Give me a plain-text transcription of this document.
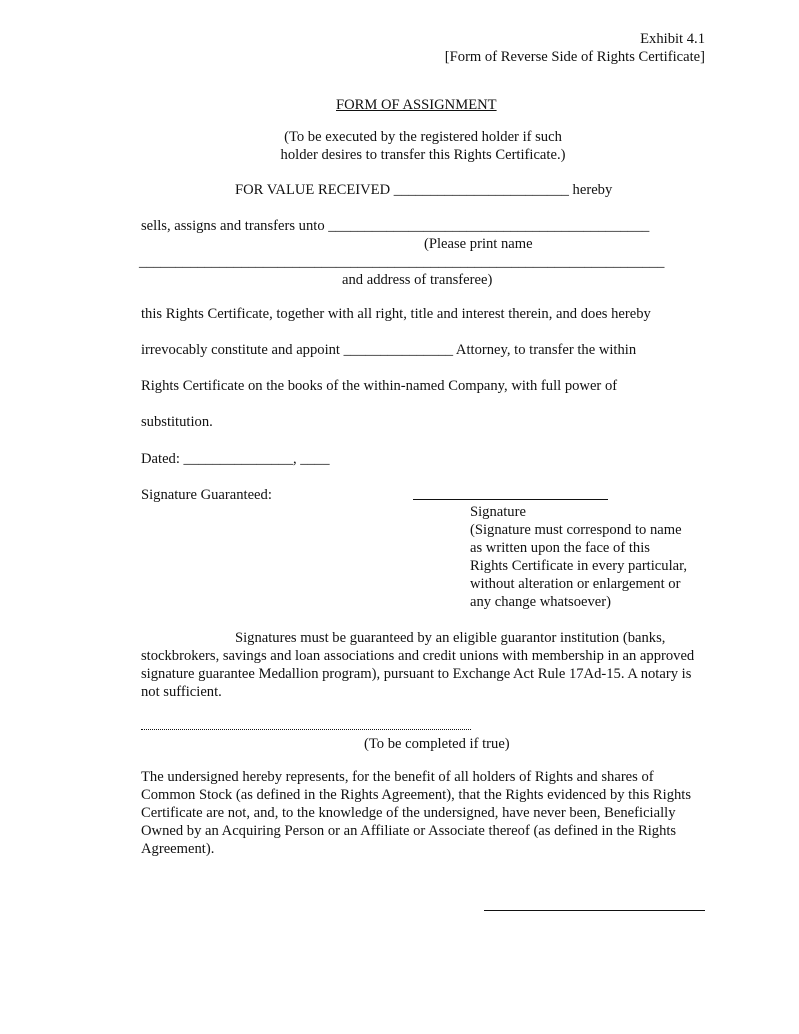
Exhibit 4.1
[Form of Reverse Side of Rights Certificate]
FORM OF ASSIGNMENT
(To be executed by the registered holder if such
holder desires to transfer this Rights Certificate.)
FOR VALUE RECEIVED ________________________ hereby
sells, assigns and transfers unto ____________________________________________
(Please print name
________________________________________________________________________
and address of transferee)
this Rights Certificate, together with all right, title and interest therein, and does hereby
irrevocably constitute and appoint _______________ Attorney, to transfer the within
Rights Certificate on the books of the within-named Company, with full power of
substitution.
Dated: _______________, ____
Signature Guaranteed:
Signature
(Signature must correspond to name
as written upon the face of this
Rights Certificate in every particular,
without alteration or enlargement or
any change whatsoever)
Signatures must be guaranteed by an eligible guarantor institution (banks, stockbrokers, savings and loan associations and credit unions with membership in an approved signature guarantee Medallion program), pursuant to Exchange Act Rule 17Ad-15. A notary is not sufficient.
(To be completed if true)
The undersigned hereby represents, for the benefit of all holders of Rights and shares of Common Stock (as defined in the Rights Agreement), that the Rights evidenced by this Rights Certificate are not, and, to the knowledge of the undersigned, have never been, Beneficially Owned by an Acquiring Person or an Affiliate or Associate thereof (as defined in the Rights Agreement).
